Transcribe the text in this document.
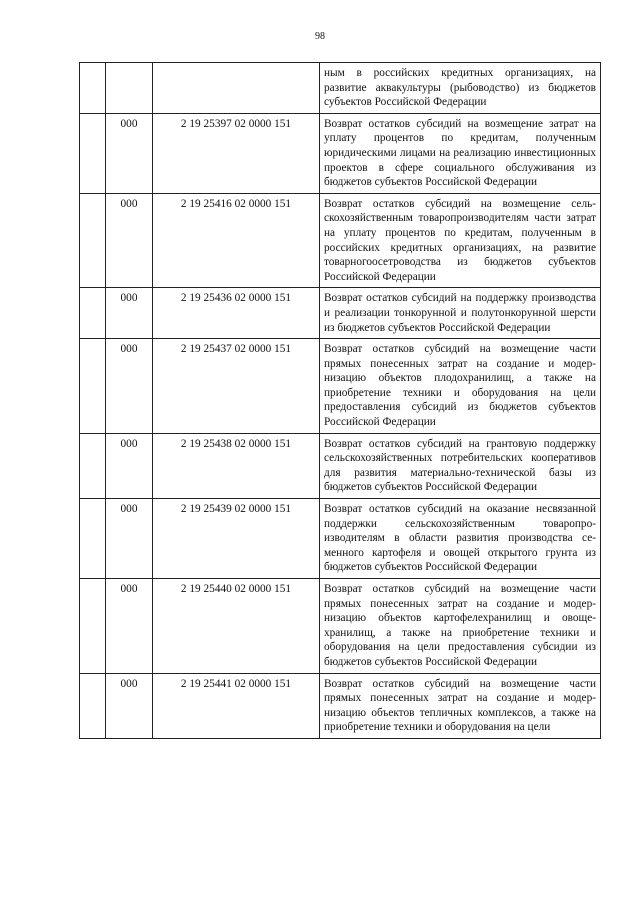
98
			ным в российских кредитных организациях, на развитие аквакультуры (рыбоводство) из бюджетов субъектов Российской Федерации
	000	2 19 25397 02 0000 151	Возврат остатков субсидий на возмещение затрат на уплату процентов по кредитам, полученным юридическими лицами на реализацию инвестиционных проектов в сфере социального обслуживания из бюджетов субъектов Российской Федерации
	000	2 19 25416 02 0000 151	Возврат остатков субсидий на возмещение сельскохозяйственным товаропроизводителям части затрат на уплату процентов по кредитам, полученным в российских кредитных организациях, на развитие товарногоосетроводства из бюджетов субъектов Российской Федерации
	000	2 19 25436 02 0000 151	Возврат остатков субсидий на поддержку производства и реализации тонкорунной и полутонкорунной шерсти из бюджетов субъектов Российской Федерации
	000	2 19 25437 02 0000 151	Возврат остатков субсидий на возмещение части прямых понесенных затрат на создание и модернизацию объектов плодохранилищ, а также на приобретение техники и оборудования на цели предоставления субсидий из бюджетов субъектов Российской Федерации
	000	2 19 25438 02 0000 151	Возврат остатков субсидий на грантовую поддержку сельскохозяйственных потребительских кооперативов для развития материально-технической базы из бюджетов субъектов Российской Федерации
	000	2 19 25439 02 0000 151	Возврат остатков субсидий на оказание несвязанной поддержки сельскохозяйственным товаропроизводителям в области развития производства семенного картофеля и овощей открытого грунта из бюджетов субъектов Российской Федерации
	000	2 19 25440 02 0000 151	Возврат остатков субсидий на возмещение части прямых понесенных затрат на создание и модернизацию объектов картофелехранилищ и овощехранилищ, а также на приобретение техники и оборудования на цели предоставления субсидии из бюджетов субъектов Российской Федерации
	000	2 19 25441 02 0000 151	Возврат остатков субсидий на возмещение части прямых понесенных затрат на создание и модернизацию объектов тепличных комплексов, а также на приобретение техники и оборудования на цели
